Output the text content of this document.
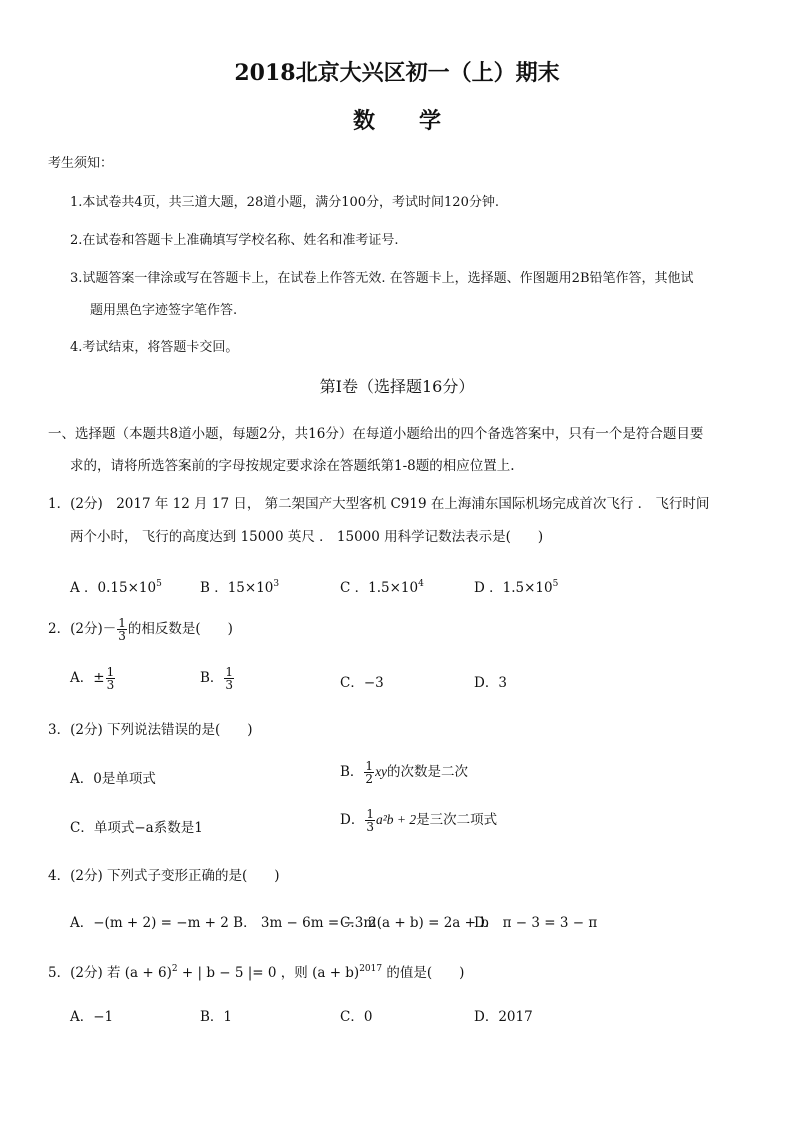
2018北京大兴区初一（上）期末
数　　学
考生须知：
1.本试卷共4页，共三道大题，28道小题，满分100分，考试时间120分钟.
2.在试卷和答题卡上准确填写学校名称、姓名和准考证号.
3.试题答案一律涂或写在答题卡上，在试卷上作答无效. 在答题卡上，选择题、作图题用2B铅笔作答，其他试
题用黑色字迹签字笔作答.
4.考试结束，将答题卡交回。
第Ⅰ卷（选择题16分）
一、选择题（本题共8道小题，每题2分，共16分）在每道小题给出的四个备选答案中，只有一个是符合题目要
求的，请将所选答案前的字母按规定要求涂在答题纸第1-8题的相应位置上.
1．(2分)　2017 年 12 月 17 日， 第二架国产大型客机 C919 在上海浦东国际机场完成首次飞行 ． 飞行时间
两个小时， 飞行的高度达到 15000 英尺 ． 15000 用科学记数法表示是(　　)
A ．$0.15\times 10^5$	B ．$15\times 10^3$	C ．$1.5\times 10^4$	D ．$1.5\times 10^5$
2．(2分)－ $\frac{1}{3}$ 的相反数是(　　)
A．± $\frac{1}{3}$	B． $\frac{1}{3}$	C．−3	D．3
3．(2分) 下列说法错误的是(　　)
A．0是单项式	B． $\frac{1}{2}$ xy的次数是二次
C．单项式−a系数是1	D． $\frac{1}{3} a^2b + 2$是三次二项式
4．(2分) 下列式子变形正确的是(　　)
A．−(m + 2) = −m + 2 B． 3m − 6m = −3m
C． 2(a + b) = 2a + b
D． π − 3 = 3 − π
5．(2分) 若 $(a + 6)^2$ + | b − 5 |= 0 ，则 $(a + b)^{2017}$ 的值是(　　)
A．−1	B．1	C．0	D．2017
